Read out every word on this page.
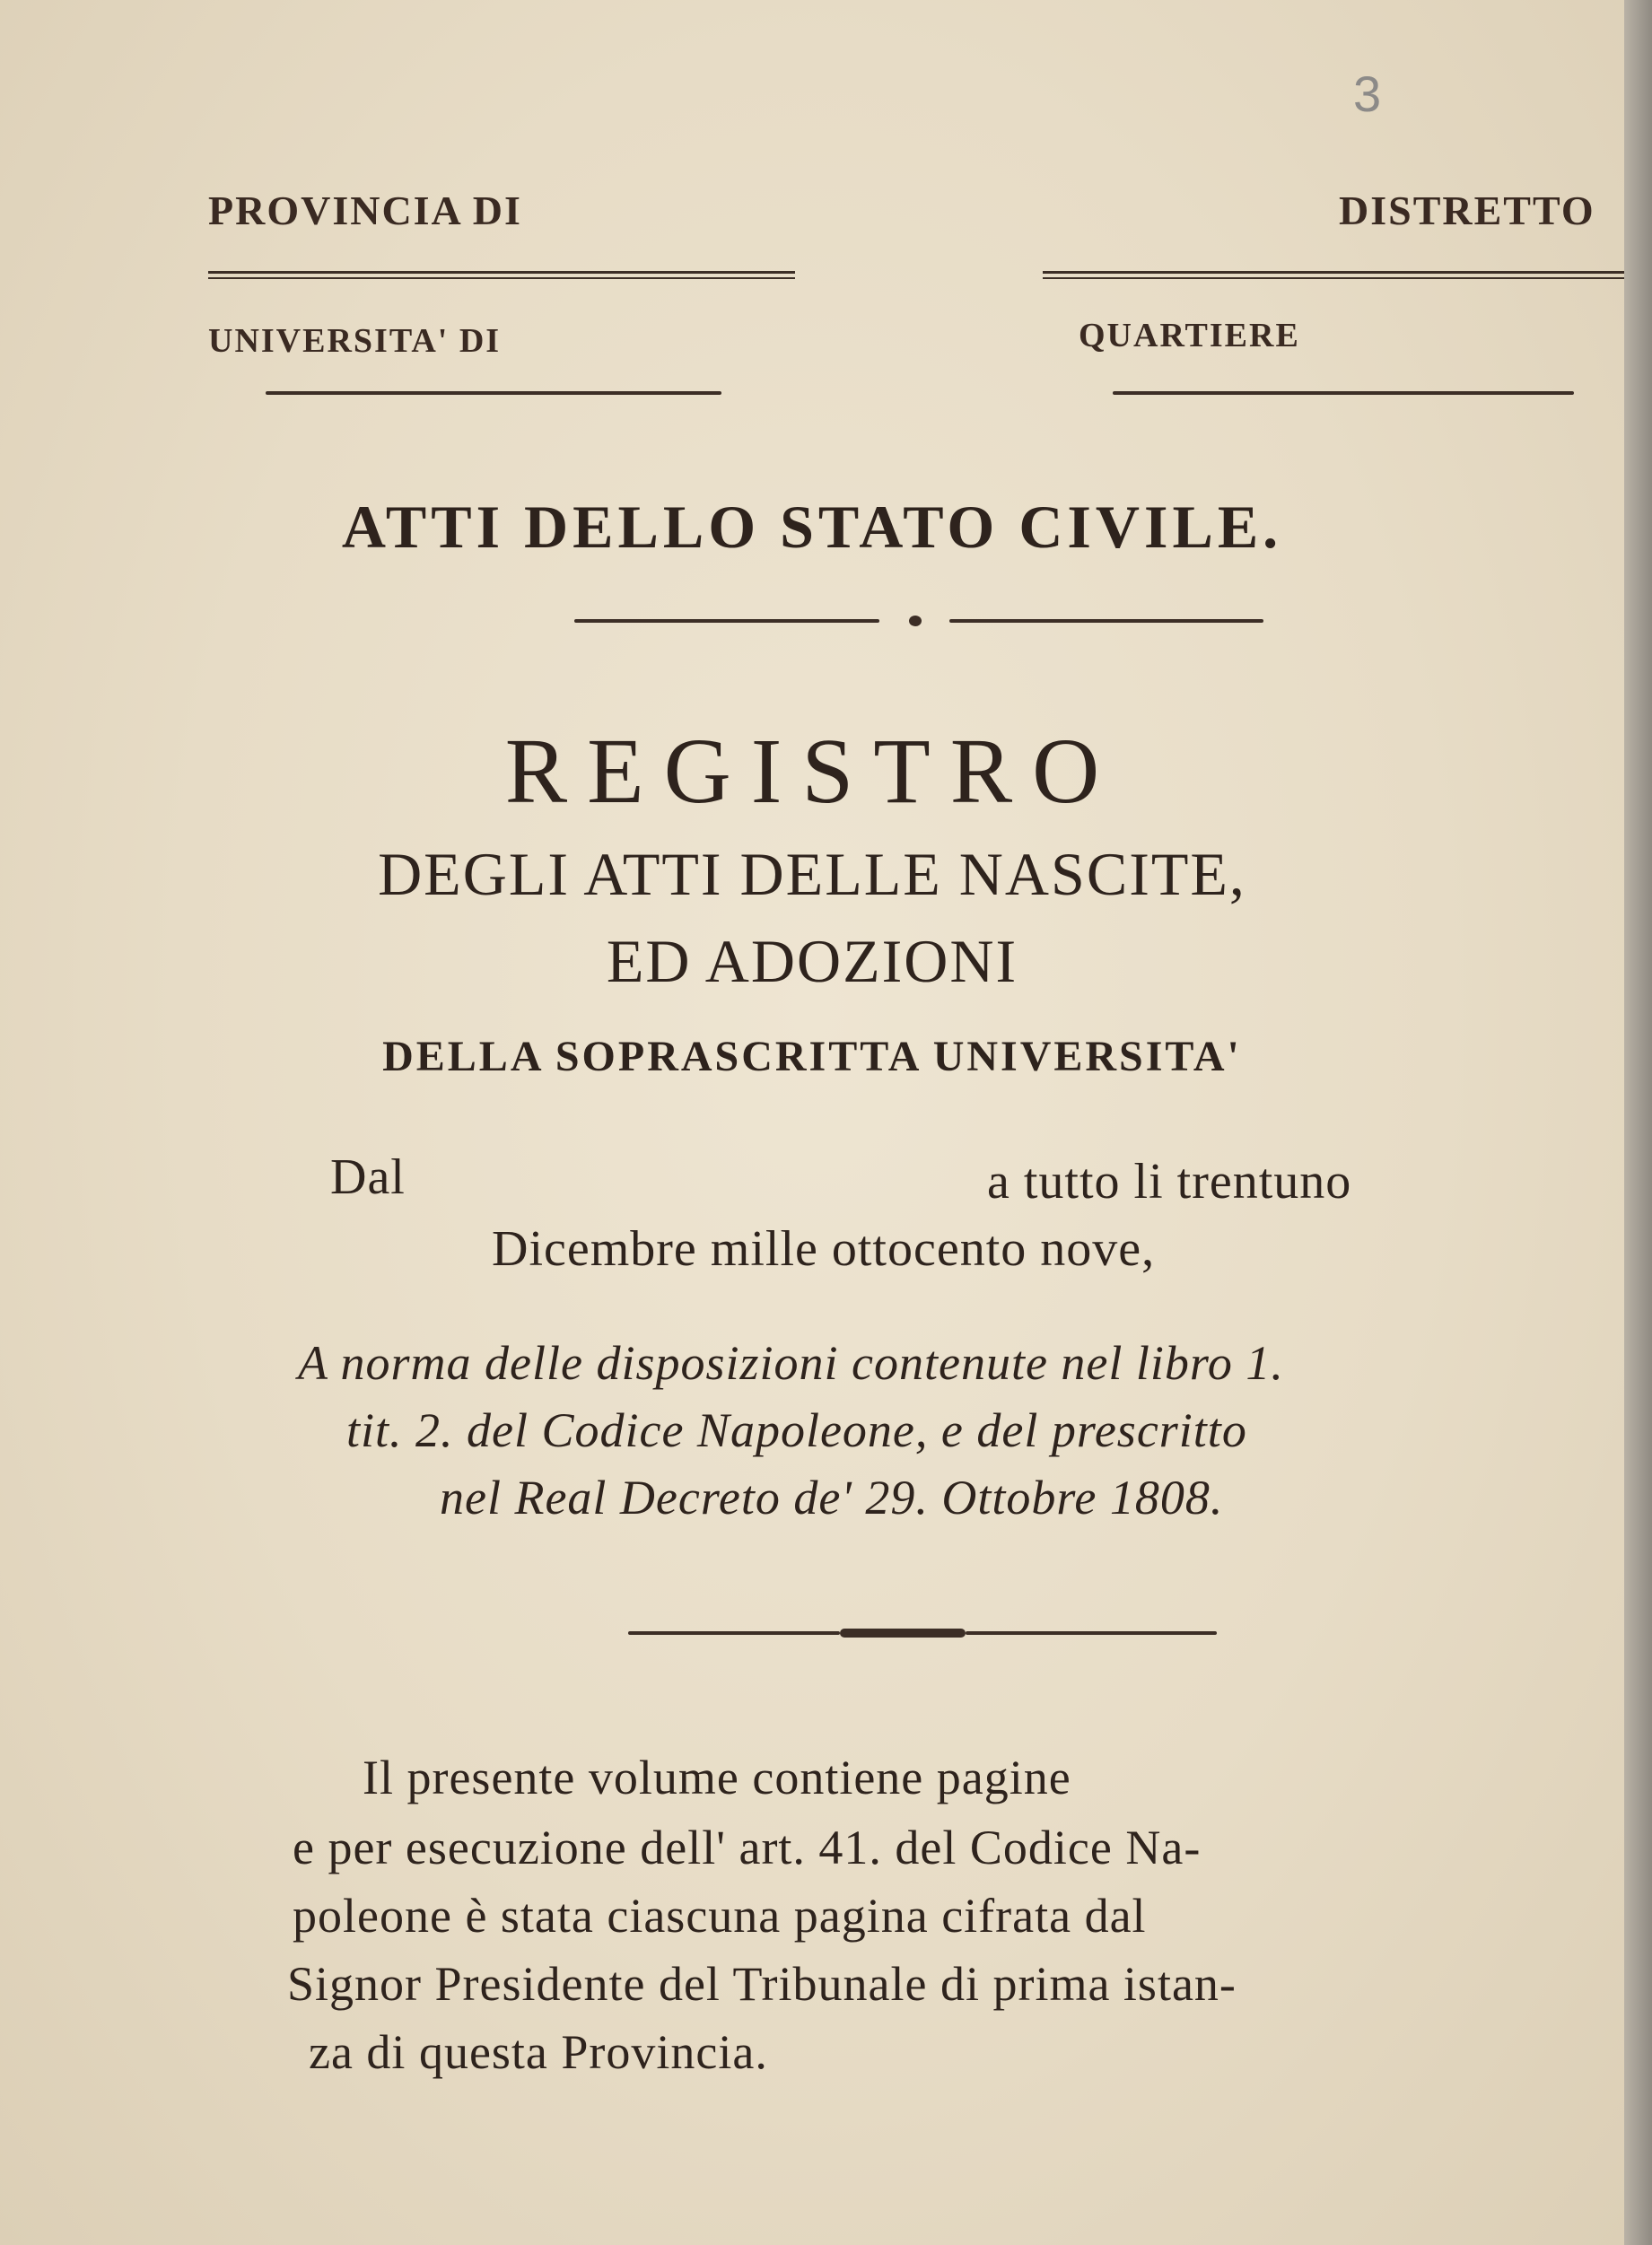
3
PROVINCIA DI	DISTRETTO
UNIVERSITA' DI	QUARTIERE
ATTI DELLO STATO CIVILE.
REGISTRO
DEGLI ATTI DELLE NASCITE,
ED ADOZIONI
DELLA SOPRASCRITTA UNIVERSITA'
Dal	a tutto li trentuno
Dicembre mille ottocento nove,
A norma delle disposizioni contenute nel libro 1.
tit. 2. del Codice Napoleone, e del prescritto
nel Real Decreto de' 29. Ottobre 1808.
Il presente volume contiene pagine
e per esecuzione dell' art. 41. del Codice Na-
poleone è stata ciascuna pagina cifrata dal
Signor Presidente del Tribunale di prima istan-
za di questa Provincia.
